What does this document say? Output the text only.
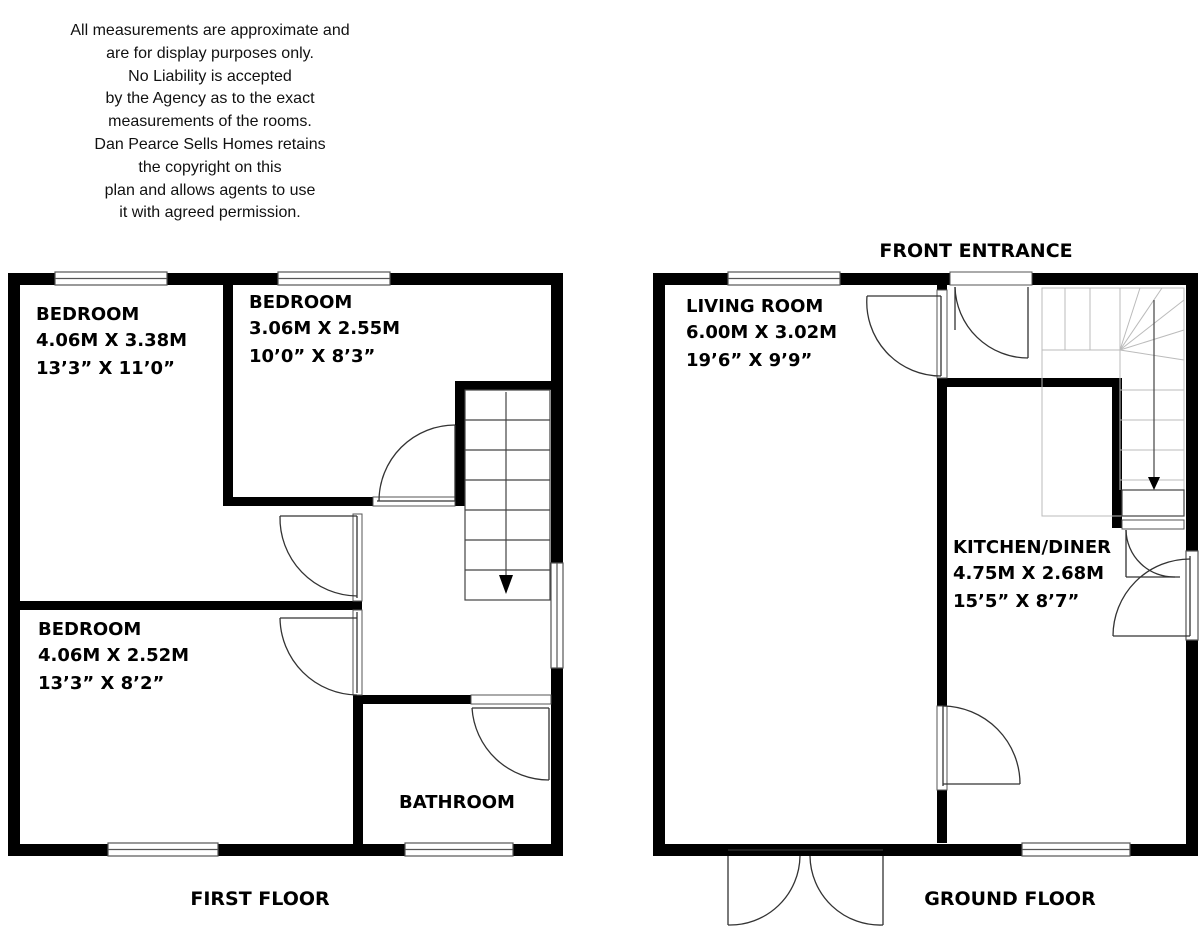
All measurements are approximate and
are for display purposes only.
No Liability is accepted
by the Agency as to the exact
measurements of the rooms.
Dan Pearce Sells Homes retains
the copyright on this
plan and allows agents to use
it with agreed permission.
BEDROOM
4.06M X 3.38M
13’3” X 11’0”
BEDROOM
3.06M X 2.55M
10’0” X 8’3”
BEDROOM
4.06M X 2.52M
13’3” X 8’2”
BATHROOM
FIRST FLOOR
FRONT ENTRANCE
LIVING ROOM
6.00M X 3.02M
19’6” X 9’9”
KITCHEN/DINER
4.75M X 2.68M
15’5” X 8’7”
GROUND FLOOR
